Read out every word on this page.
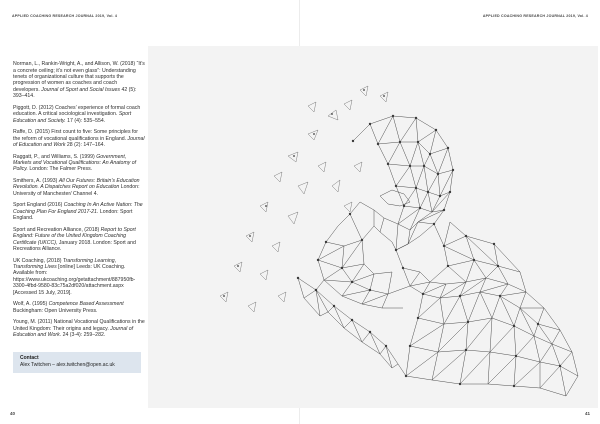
APPLIED COACHING RESEARCH JOURNAL 2019, Vol. 4

Norman, L., Rankin-Wright, A., and Allison, W. (2018) “It’s a concrete ceiling; it’s not even glass”: Understanding tenets of organizational culture that supports the progression of women as coaches and coach developers. Journal of Sport and Social Issues 42 (5): 393–414.

Piggott, D. (2012) Coaches’ experience of formal coach education. A critical sociological investigation. Sport Education and Society. 17 (4): 535–554.

Raffe, D. (2015) First count to five: Some principles for the reform of vocational qualifications in England. Journal of Education and Work 28 (2): 147–164.

Raggatt, P., and Williams, S. (1999) Government, Markets and Vocational Qualifications: An Anatomy of Policy. London: The Falmer Press.

Smithers, A. (1993) All Our Futures: Britain’s Education Revolution. A Dispatches Report on Education London: University of Manchester/ Channel 4.

Sport England (2016) Coaching In An Active Nation: The Coaching Plan For England 2017-21. London: Sport England.

Sport and Recreation Alliance, (2018) Report to Sport England: Future of the United Kingdom Coaching Certificate (UKCC), January 2018. London: Sport and Recreations Alliance.

UK Coaching, (2018) Transforming Learning, Transforming Lives [online] Leeds: UK Coaching. Available from: https://www.ukcoaching.org/getattachment/887950fb-3300-4fbd-9580-83c75a2df020/attachment.aspx [Accessed 15 July, 2019].

Wolf, A. (1995) Competence Based Assessment Buckingham: Open University Press.

Young, M. (2011) National Vocational Qualifications in the United Kingdom: Their origins and legacy. Journal of Education and Work. 24 (3-4): 259–282.

Contact
Alex Twitchen – alex.twitchen@open.ac.uk
40
APPLIED COACHING RESEARCH JOURNAL 2019, Vol. 4
41
